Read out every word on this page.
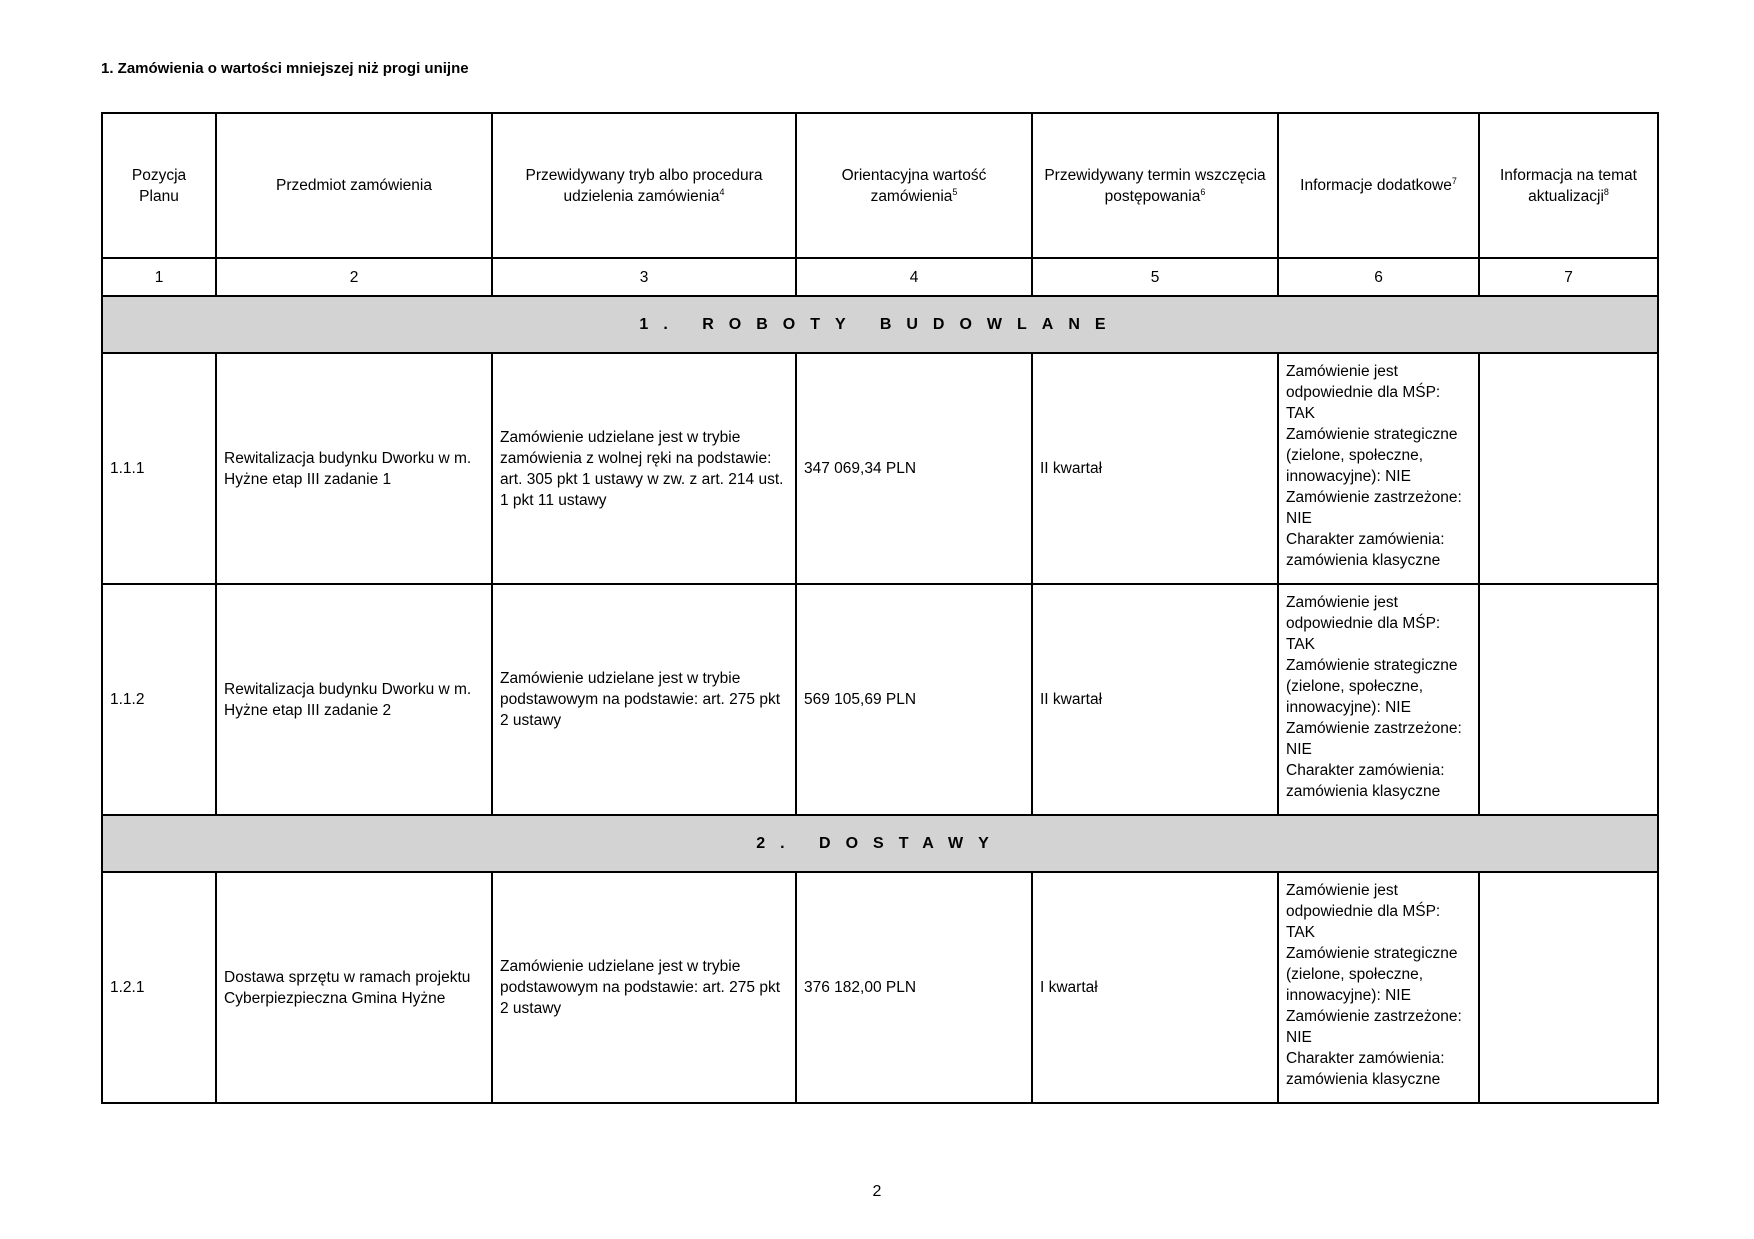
1. Zamówienia o wartości mniejszej niż progi unijne
Pozycja Planu	Przedmiot zamówienia	Przewidywany tryb albo procedura udzielenia zamówienia$^4$	Orientacyjna wartość zamówienia$^5$	Przewidywany termin wszczęcia postępowania$^6$	Informacje dodatkowe$^7$	Informacja na temat aktualizacji$^8$
1	2	3	4	5	6	7
1. ROBOTY BUDOWLANE						
1.1.1	Rewitalizacja budynku Dworku w m. Hyżne etap III zadanie 1	Zamówienie udzielane jest w trybie zamówienia z wolnej ręki na podstawie: art. 305 pkt 1 ustawy w zw. z art. 214 ust. 1 pkt 11 ustawy	347 069,34 PLN	II kwartał	Zamówienie jest odpowiednie dla MŚP: TAK
Zamówienie strategiczne (zielone, społeczne, innowacyjne): NIE
Zamówienie zastrzeżone: NIE
Charakter zamówienia: zamówienia klasyczne	

1.1.2	Rewitalizacja budynku Dworku w m. Hyżne etap III zadanie 2	Zamówienie udzielane jest w trybie podstawowym na podstawie: art. 275 pkt 2 ustawy	569 105,69 PLN	II kwartał	Zamówienie jest odpowiednie dla MŚP: TAK
Zamówienie strategiczne (zielone, społeczne, innowacyjne): NIE
Zamówienie zastrzeżone: NIE
Charakter zamówienia: zamówienia klasyczne	

2. DOSTAWY						
1.2.1	Dostawa sprzętu w ramach projektu Cyberpiezpieczna Gmina Hyżne	Zamówienie udzielane jest w trybie podstawowym na podstawie: art. 275 pkt 2 ustawy	376 182,00 PLN	I kwartał	Zamówienie jest odpowiednie dla MŚP: TAK
Zamówienie strategiczne (zielone, społeczne, innowacyjne): NIE
Zamówienie zastrzeżone: NIE
Charakter zamówienia: zamówienia klasyczne	

2
